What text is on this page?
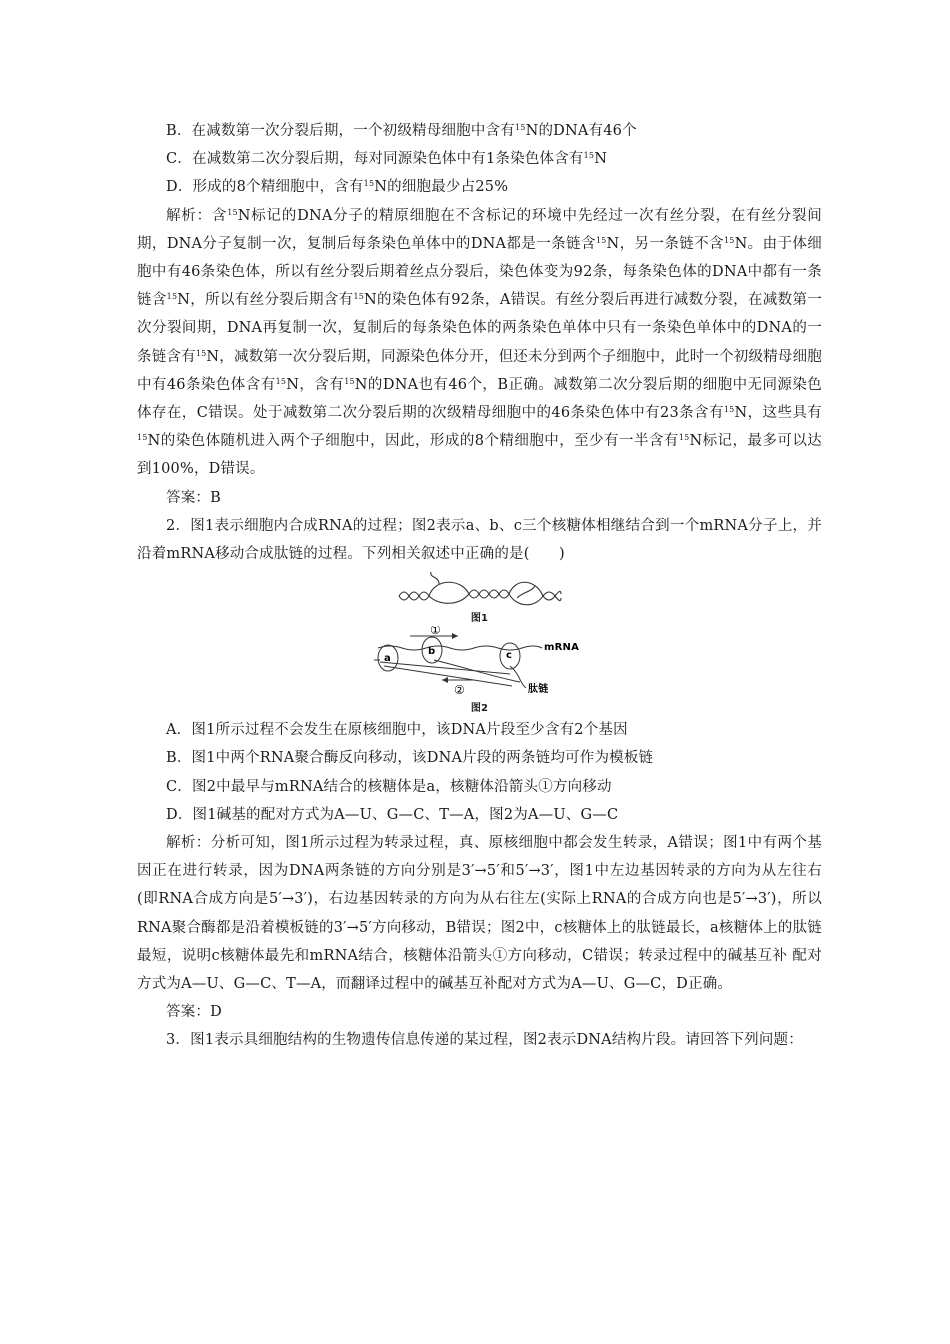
B．在减数第一次分裂后期，一个初级精母细胞中含有$^{15}$N的DNA有46个

C．在减数第二次分裂后期，每对同源染色体中有1条染色体含有$^{15}$N

D．形成的8个精细胞中，含有$^{15}$N的细胞最少占25%

解析：含$^{15}$N标记的DNA分子的精原细胞在不含标记的环境中先经过一次有丝分裂，在有丝分裂间期，DNA分子复制一次，复制后每条染色单体中的DNA都是一条链含$^{15}$N，另一条链不含$^{15}$N。由于体细胞中有46条染色体，所以有丝分裂后期着丝点分裂后，染色体变为92条，每条染色体的DNA中都有一条链含$^{15}$N，所以有丝分裂后期含有$^{15}$N的染色体有92条，A错误。有丝分裂后再进行减数分裂，在减数第一次分裂间期，DNA再复制一次，复制后的每条染色体的两条染色单体中只有一条染色单体中的DNA的一条链含有$^{15}$N，减数第一次分裂后期，同源染色体分开，但还未分到两个子细胞中，此时一个初级精母细胞中有46条染色体含有$^{15}$N，含有$^{15}$N的DNA也有46个，B正确。减数第二次分裂后期的细胞中无同源染色体存在，C错误。处于减数第二次分裂后期的次级精母细胞中的46条染色体中有23条含有$^{15}$N，这些具有$^{15}$N的染色体随机进入两个子细胞中，因此，形成的8个精细胞中，至少有一半含有$^{15}$N标记，最多可以达到100%，D错误。

答案：B

2．图1表示细胞内合成RNA的过程；图2表示a、b、c三个核糖体相继结合到一个mRNA分子上，并沿着mRNA移动合成肽链的过程。下列相关叙述中正确的是(　　)

图1
a
b	c
mRNA
肽链
①
②
图2

A．图1所示过程不会发生在原核细胞中，该DNA片段至少含有2个基因

B．图1中两个RNA聚合酶反向移动，该DNA片段的两条链均可作为模板链

C．图2中最早与mRNA结合的核糖体是a，核糖体沿箭头①方向移动

D．图1碱基的配对方式为A—U、G—C、T—A，图2为A—U、G—C

解析：分析可知，图1所示过程为转录过程，真、原核细胞中都会发生转录，A错误；图1中有两个基因正在进行转录，因为DNA两条链的方向分别是3′→5′和5′→3′，图1中左边基因转录的方向为从左往右(即RNA合成方向是5′→3′)，右边基因转录的方向为从右往左(实际上RNA的合成方向也是5′→3′)，所以RNA聚合酶都是沿着模板链的3′→5′方向移动，B错误；图2中，c核糖体上的肽链最长，a核糖体上的肽链最短，说明c核糖体最先和mRNA结合，核糖体沿箭头①方向移动，C错误；转录过程中的碱基互补 配对方式为A—U、G—C、T—A，而翻译过程中的碱基互补配对方式为A—U、G—C，D正确。

答案：D

3．图1表示具细胞结构的生物遗传信息传递的某过程，图2表示DNA结构片段。请回答下列问题：
